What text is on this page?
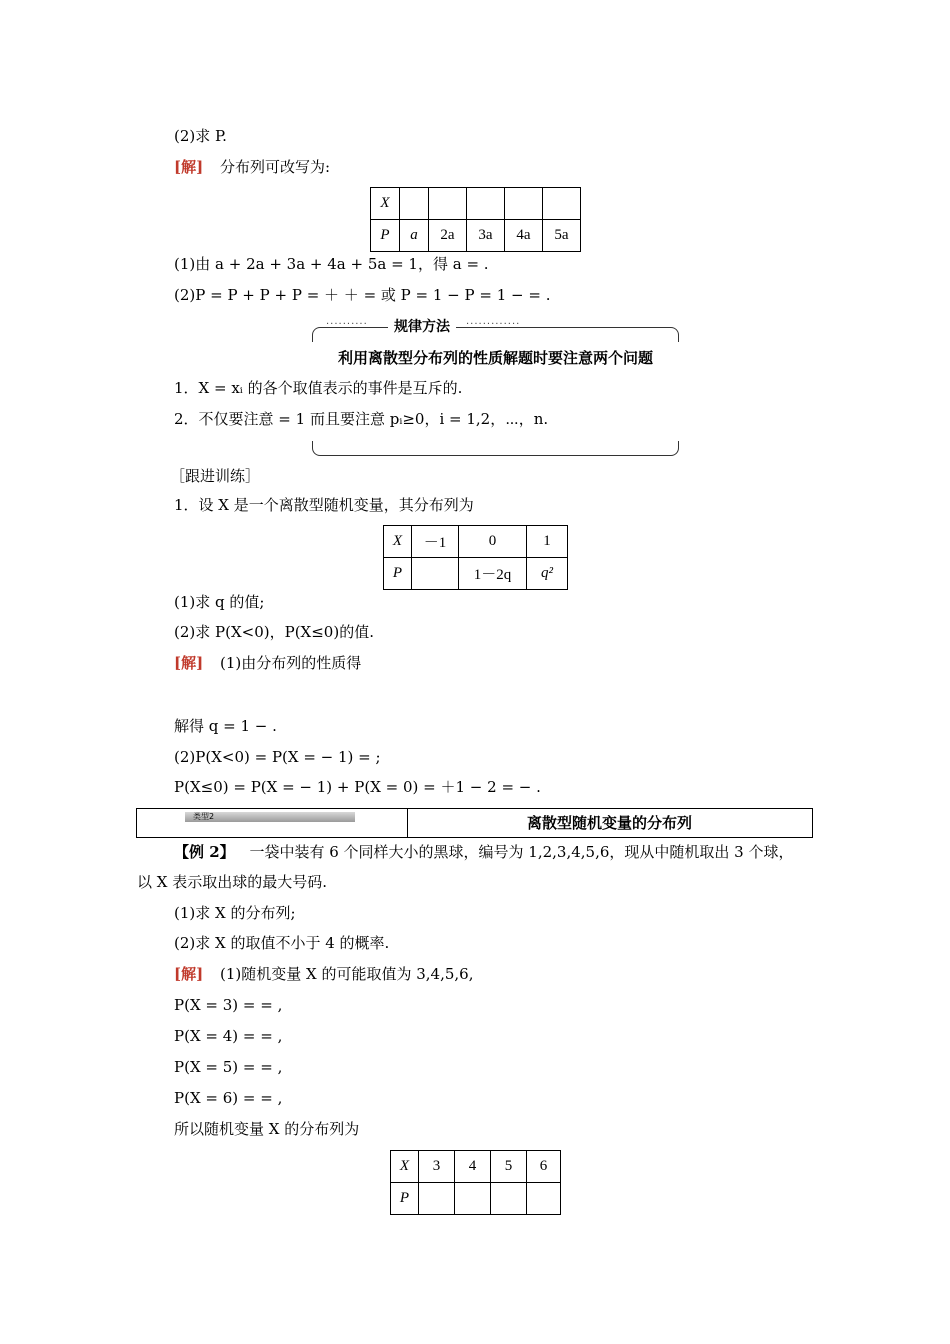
(2)求 P.
[解] 分布列可改写为:
X					
P	a	2a	3a	4a	5a
(1)由 a + 2a + 3a + 4a + 5a = 1，得 a = .
(2)P = P + P + P = ＋ ＋ = 或 P = 1 − P = 1 − = .
··········	·············
规律方法
利用离散型分布列的性质解题时要注意两个问题
1．X = xᵢ 的各个取值表示的事件是互斥的.
2．不仅要注意 = 1 而且要注意 pᵢ≥0，i = 1,2，⋯，n.
［跟进训练］
1．设 X 是一个离散型随机变量，其分布列为
X	－1	0	1
P		1－2q	q²
(1)求 q 的值;
(2)求 P(X<0)，P(X≤0)的值.
[解] (1)由分布列的性质得
解得 q = 1 − .
(2)P(X<0) = P(X = − 1) = ;
P(X≤0) = P(X = − 1) + P(X = 0) = ＋1 − 2 = − .
类型2	离散型随机变量的分布列
【例 2】 一袋中装有 6 个同样大小的黑球，编号为 1,2,3,4,5,6，现从中随机取出 3 个球，
以 X 表示取出球的最大号码.
(1)求 X 的分布列;
(2)求 X 的取值不小于 4 的概率.
[解] (1)随机变量 X 的可能取值为 3,4,5,6,
P(X = 3) = = ,
P(X = 4) = = ,
P(X = 5) = = ,
P(X = 6) = = ,
所以随机变量 X 的分布列为
X	3	4	5	6
P				
